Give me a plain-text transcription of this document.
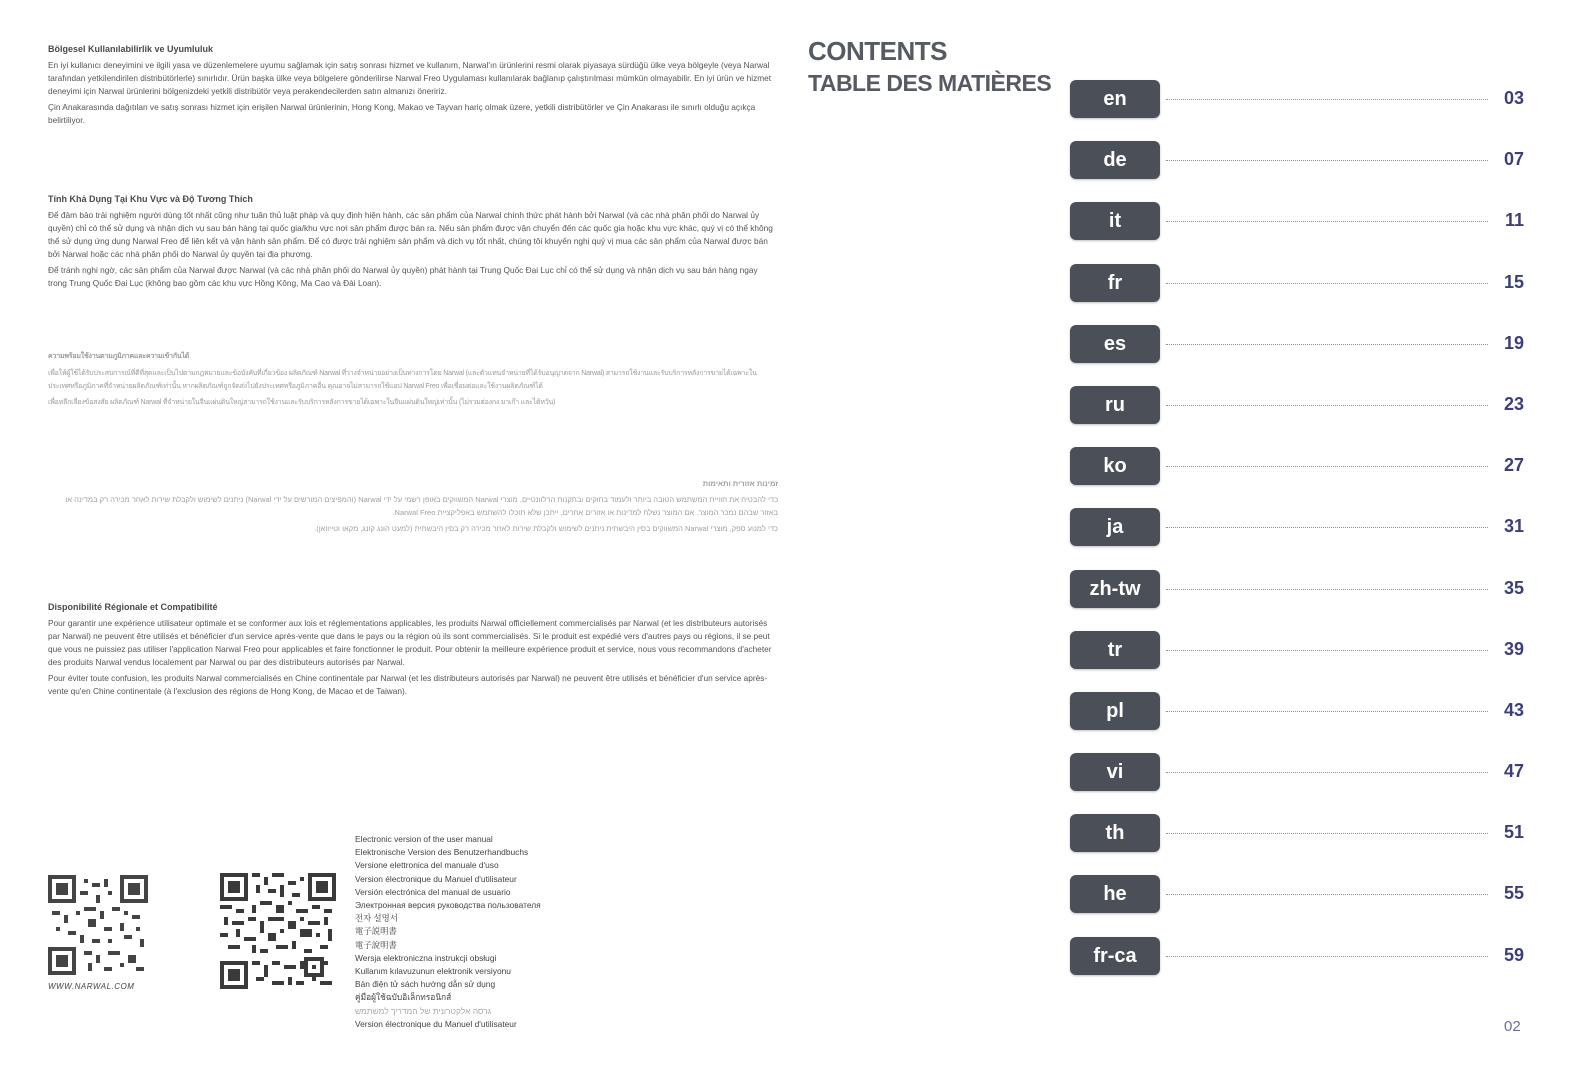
Bölgesel Kullanılabilirlik ve Uyumluluk

En iyi kullanıcı deneyimini ve ilgili yasa ve düzenlemelere uyumu sağlamak için satış sonrası hizmet ve kullanım, Narwal'ın ürünlerini resmi olarak piyasaya sürdüğü ülke veya bölgeyle (veya Narwal tarafından yetkilendirilen distribütörlerle) sınırlıdır. Ürün başka ülke veya bölgelere gönderilirse Narwal Freo Uygulaması kullanılarak bağlanıp çalıştırılması mümkün olmayabilir. En iyi ürün ve hizmet deneyimi için Narwal ürünlerini bölgenizdeki yetkili distribütör veya perakendecilerden satın almanızı öneririz.

Çin Anakarasında dağıtılan ve satış sonrası hizmet için erişilen Narwal ürünlerinin, Hong Kong, Makao ve Tayvan hariç olmak üzere, yetkili distribütörler ve Çin Anakarası ile sınırlı olduğu açıkça belirtiliyor.

Tính Khả Dụng Tại Khu Vực và Độ Tương Thích

Để đảm bảo trải nghiệm người dùng tốt nhất cũng như tuân thủ luật pháp và quy định hiện hành, các sản phẩm của Narwal chính thức phát hành bởi Narwal (và các nhà phân phối do Narwal ủy quyền) chỉ có thể sử dụng và nhận dịch vụ sau bán hàng tại quốc gia/khu vực nơi sản phẩm được bán ra. Nếu sản phẩm được vận chuyển đến các quốc gia hoặc khu vực khác, quý vị có thể không thể sử dụng ứng dụng Narwal Freo để liên kết và vận hành sản phẩm. Để có được trải nghiệm sản phẩm và dịch vụ tốt nhất, chúng tôi khuyến nghị quý vị mua các sản phẩm của Narwal được bán bởi Narwal hoặc các nhà phân phối do Narwal ủy quyền tại địa phương.

Để tránh nghi ngờ, các sản phẩm của Narwal được Narwal (và các nhà phân phối do Narwal ủy quyền) phát hành tại Trung Quốc Đại Lục chỉ có thể sử dụng và nhận dịch vụ sau bán hàng ngay trong Trung Quốc Đại Lục (không bao gồm các khu vực Hồng Kông, Ma Cao và Đài Loan).

ความพร้อมใช้งานตามภูมิภาคและความเข้ากันได้

เพื่อให้ผู้ใช้ได้รับประสบการณ์ที่ดีที่สุดและเป็นไปตามกฎหมายและข้อบังคับที่เกี่ยวข้อง ผลิตภัณฑ์ Narwal ที่วางจำหน่ายอย่างเป็นทางการโดย Narwal (และตัวแทนจำหน่ายที่ได้รับอนุญาตจาก Narwal) สามารถใช้งานและรับบริการหลังการขายได้เฉพาะในประเทศหรือภูมิภาคที่จำหน่ายผลิตภัณฑ์เท่านั้น หากผลิตภัณฑ์ถูกจัดส่งไปยังประเทศหรือภูมิภาคอื่น คุณอาจไม่สามารถใช้แอป Narwal Freo เพื่อเชื่อมต่อและใช้งานผลิตภัณฑ์ได้

เพื่อหลีกเลี่ยงข้อสงสัย ผลิตภัณฑ์ Narwal ที่จำหน่ายในจีนแผ่นดินใหญ่สามารถใช้งานและรับบริการหลังการขายได้เฉพาะในจีนแผ่นดินใหญ่เท่านั้น (ไม่รวมฮ่องกง มาเก๊า และไต้หวัน)

זמינות אזורית ותאימות

כדי להבטיח את חוויית המשתמש הטובה ביותר ולעמוד בחוקים ובתקנות הרלוונטיים, מוצרי Narwal המשווקים באופן רשמי על ידי Narwal (והמפיצים המורשים על ידי Narwal) ניתנים לשימוש ולקבלת שירות לאחר מכירה רק במדינה או באזור שבהם נמכר המוצר. אם המוצר נשלח למדינות או אזורים אחרים, ייתכן שלא תוכלו להשתמש באפליקציית Narwal Freo.

כדי למנוע ספק, מוצרי Narwal המשווקים בסין היבשתית ניתנים לשימוש ולקבלת שירות לאחר מכירה רק בסין היבשתית (למעט הונג קונג, מקאו וטייוואן).

Disponibilité Régionale et Compatibilité

Pour garantir une expérience utilisateur optimale et se conformer aux lois et réglementations applicables, les produits Narwal officiellement commercialisés par Narwal (et les distributeurs autorisés par Narwal) ne peuvent être utilisés et bénéficier d'un service après-vente que dans le pays ou la région où ils sont commercialisés. Si le produit est expédié vers d'autres pays ou régions, il se peut que vous ne puissiez pas utiliser l'application Narwal Freo pour applicables et faire fonctionner le produit. Pour obtenir la meilleure expérience produit et service, nous vous recommandons d'acheter des produits Narwal vendus localement par Narwal ou par des distributeurs autorisés par Narwal.

Pour éviter toute confusion, les produits Narwal commercialisés en Chine continentale par Narwal (et les distributeurs autorisés par Narwal) ne peuvent être utilisés et bénéficier d'un service après-vente qu'en Chine continentale (à l'exclusion des régions de Hong Kong, de Macao et de Taiwan).

WWW.NARWAL.COM
Electronic version of the user manual
Elektronische Version des Benutzerhandbuchs
Versione elettronica del manuale d'uso
Version électronique du Manuel d'utilisateur
Versión electrónica del manual de usuario
Электронная версия руководства пользователя
전자 설명서
電子説明書
電子說明書
Wersja elektroniczna instrukcji obsługi
Kullanım kılavuzunun elektronik versiyonu
Bản điện tử sách hướng dẫn sử dụng
คู่มือผู้ใช้ฉบับอิเล็กทรอนิกส์
גרסה אלקטרונית של המדריך למשתמש
Version électronique du Manuel d'utilisateur
CONTENTS
TABLE DES MATIÈRES
en	03
de	07
it	11
fr	15
es	19
ru	23
ko	27
ja	31
zh-tw	35
tr	39
pl	43
vi	47
th	51
he	55
fr-ca	59
02
